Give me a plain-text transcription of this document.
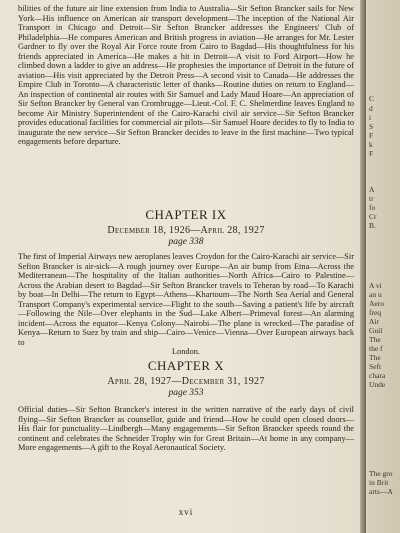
bilities of the future air line extension from India to Australia—Sir Sefton Brancker sails for New York—His influence on American air transport development—The inception of the National Air Transport in Chicago and Detroit—Sir Sefton Brancker addresses the Engineers' Club of Philadelphia—He compares American and British progress in aviation—He arranges for Mr. Lester Gardner to fly over the Royal Air Force route from Cairo to Bagdad—His thoughtfulness for his friends appreciated in America—He makes a hit in Detroit—A visit to Ford Airport—How he climbed down a ladder to give an address—He prophesies the importance of Detroit in the future of aviation—His visit appreciated by the Detroit Press—A second visit to Canada—He addresses the Empire Club in Toronto—A characteristic letter of thanks—Routine duties on return to England—An inspection of continental air routes with Sir Samuel and Lady Maud Hoare—An appreciation of Sir Sefton Brancker by General van Crombrugge—Lieut.-Col. F. C. Shelmerdine leaves England to become Air Ministry Superintendent of the Cairo-Karachi civil air service—Sir Sefton Brancker provides educational facilities for commercial air pilots—Sir Samuel Hoare decides to fly to India to inaugurate the new service—Sir Sefton Brancker decides to leave in the first machine—Two typical engagements before departure.

CHAPTER IX
December 18, 1926—April 28, 1927
page 338
The first of Imperial Airways new aeroplanes leaves Croydon for the Cairo-Karachi air service—Sir Sefton Brancker is air-sick—A rough journey over Europe—An air bump from Etna—Across the Mediterranean—The hospitality of the Italian authorities—North Africa—Cairo to Palestine—Across the Arabian desert to Bagdad—Sir Sefton Brancker travels to Teheran by road—To Karachi by boat—In Delhi—The return to Egypt—Athens—Khartoum—The North Sea Aerial and General Transport Company's experimental service—Flight to the south—Saving a patient's life by aircraft—Following the Nile—Over elephants in the Sud—Lake Albert—Primeval forest—An alarming incident—Across the equator—Kenya Colony—Nairobi—The plane is wrecked—The paradise of Kenya—Return to Suez by train and ship—Cairo—Venice—Vienna—Over European airways back to
London.
CHAPTER X
April 28, 1927—December 31, 1927
page 353

Official duties—Sir Sefton Brancker's interest in the written narrative of the early days of civil flying—Sir Sefton Brancker as counsellor, guide and friend—How he could open closed doors—His flair for punctuality—Lindbergh—Many engagements—Sir Sefton Brancker speeds round the continent and celebrates the Schneider Trophy win for Great Britain—At home in any company—More engagements—A gift to the Royal Aeronautical Society.

xvi
C
d
i
S
F
k
F
A
tr
fo
Cr
B.
A vi
an u
Aero
freq
Air
Guil
The
the f
The
Seft
chara
Unde
The gro
in Brit
arts—A
